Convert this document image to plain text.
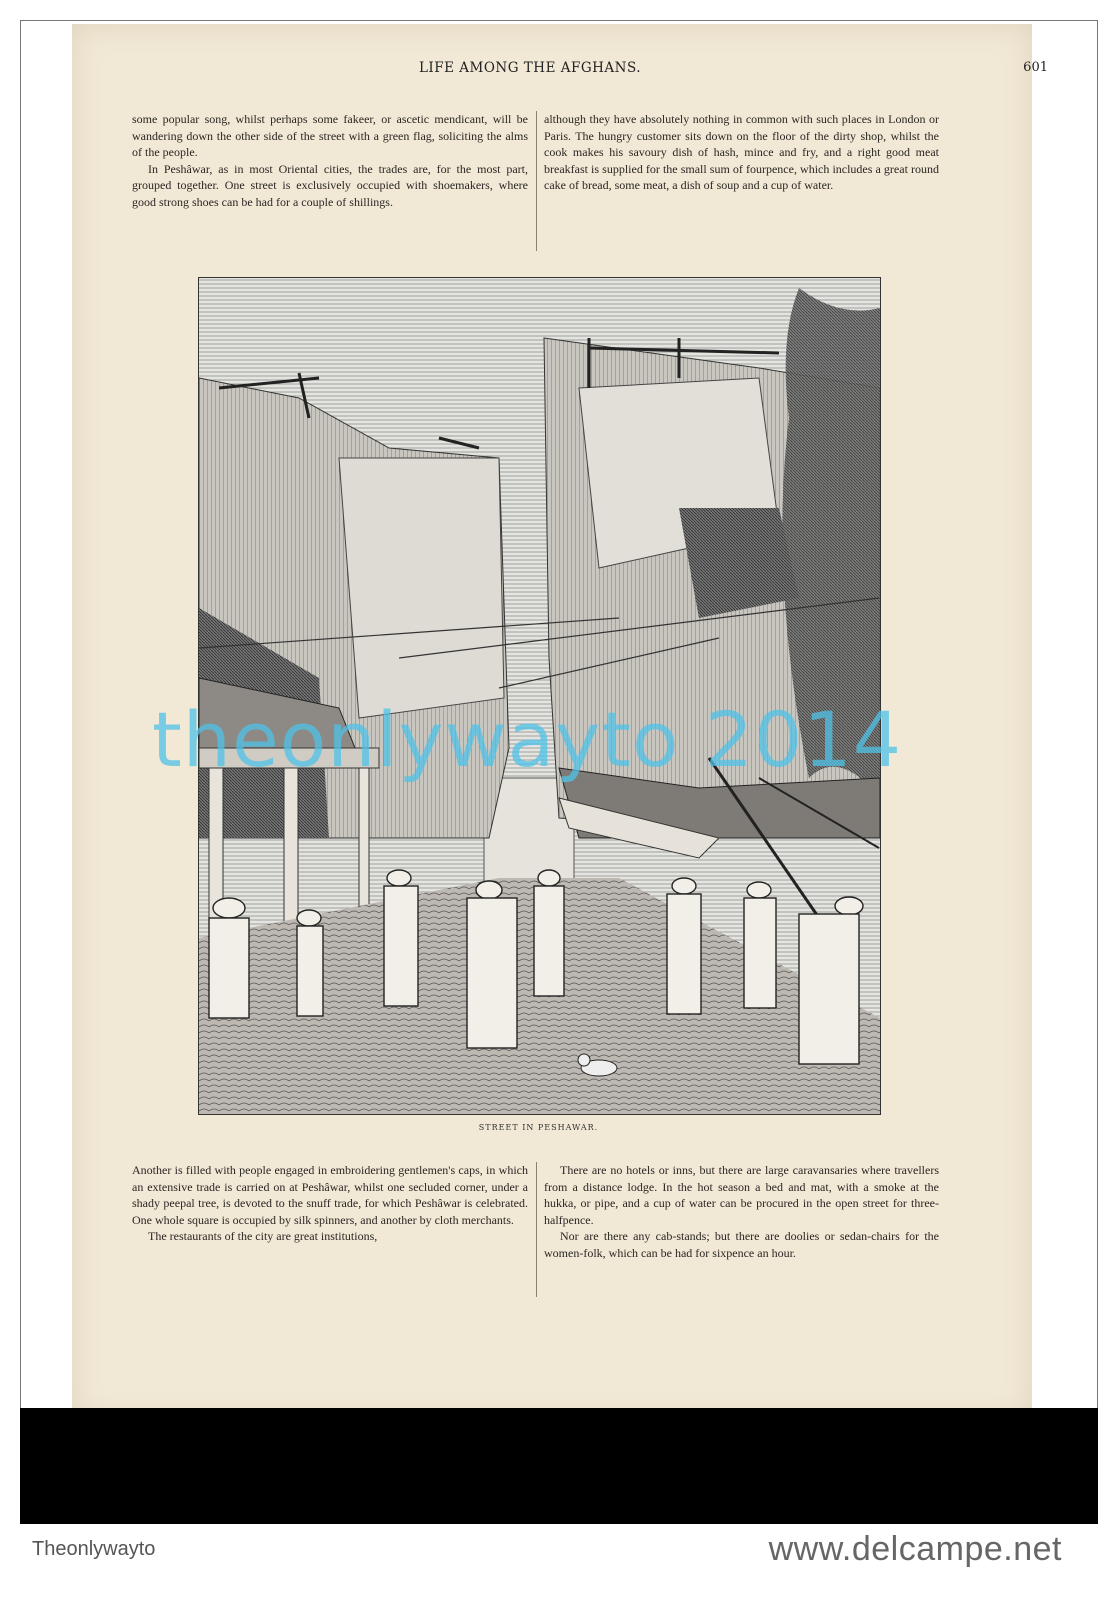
LIFE AMONG THE AFGHANS.	601

some popular song, whilst perhaps some fakeer, or ascetic mendicant, will be wandering down the other side of the street with a green flag, soliciting the alms of the people.

In Peshâwar, as in most Oriental cities, the trades are, for the most part, grouped together. One street is exclusively occupied with shoemakers, where good strong shoes can be had for a couple of shillings.

although they have absolutely nothing in common with such places in London or Paris. The hungry customer sits down on the floor of the dirty shop, whilst the cook makes his savoury dish of hash, mince and fry, and a right good meat breakfast is supplied for the small sum of fourpence, which includes a great round cake of bread, some meat, a dish of soup and a cup of water.

theonlywayto 2014
STREET IN PESHAWAR.

Another is filled with people engaged in embroidering gentlemen's caps, in which an extensive trade is carried on at Peshâwar, whilst one secluded corner, under a shady peepal tree, is devoted to the snuff trade, for which Peshâwar is celebrated. One whole square is occupied by silk spinners, and another by cloth merchants.

The restaurants of the city are great institutions,

There are no hotels or inns, but there are large caravansaries where travellers from a distance lodge. In the hot season a bed and mat, with a smoke at the hukka, or pipe, and a cup of water can be procured in the open street for three-halfpence.

Nor are there any cab-stands; but there are doolies or sedan-chairs for the women-folk, which can be had for sixpence an hour.

Theonlywayto	www.delcampe.net
